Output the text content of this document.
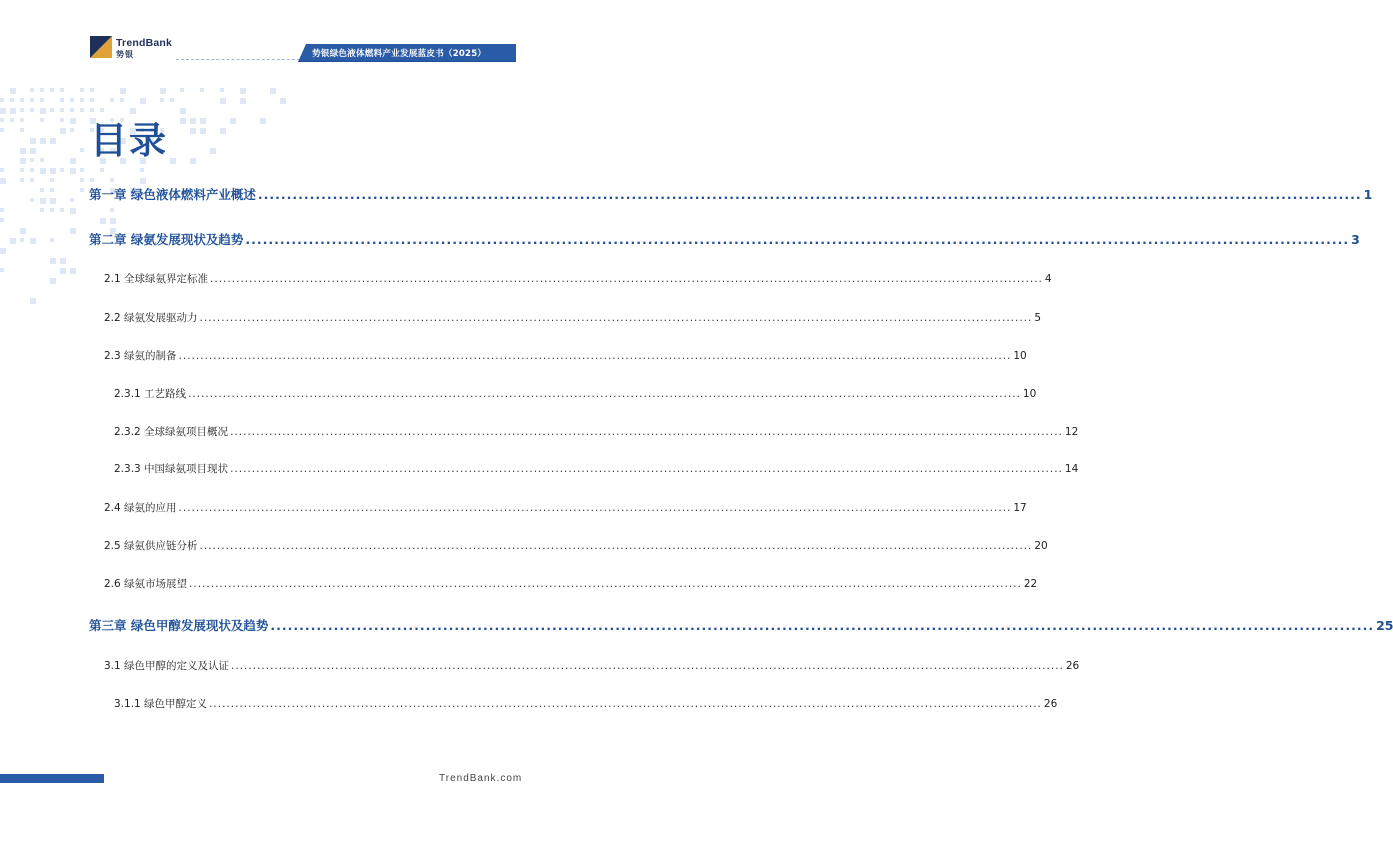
TrendBank
势银	势银绿色液体燃料产业发展蓝皮书（2025）
目录
第一章 绿色液体燃料产业概述 ................................................................................................................................................................................................ 1
第二章 绿氨发展现状及趋势 ................................................................................................................................................................................................ 3
2.1 全球绿氨界定标准 ................................................................................................................................................................................................ 4
2.2 绿氨发展驱动力 ................................................................................................................................................................................................ 5
2.3 绿氨的制备 ................................................................................................................................................................................................ 10
2.3.1 工艺路线 ................................................................................................................................................................................................ 10
2.3.2 全球绿氨项目概况 ................................................................................................................................................................................................ 12
2.3.3 中国绿氨项目现状 ................................................................................................................................................................................................ 14
2.4 绿氨的应用 ................................................................................................................................................................................................ 17
2.5 绿氨供应链分析 ................................................................................................................................................................................................ 20
2.6 绿氨市场展望 ................................................................................................................................................................................................ 22
第三章 绿色甲醇发展现状及趋势 ................................................................................................................................................................................................ 25
3.1 绿色甲醇的定义及认证 ................................................................................................................................................................................................ 26
3.1.1 绿色甲醇定义 ................................................................................................................................................................................................ 26
TrendBank.com
